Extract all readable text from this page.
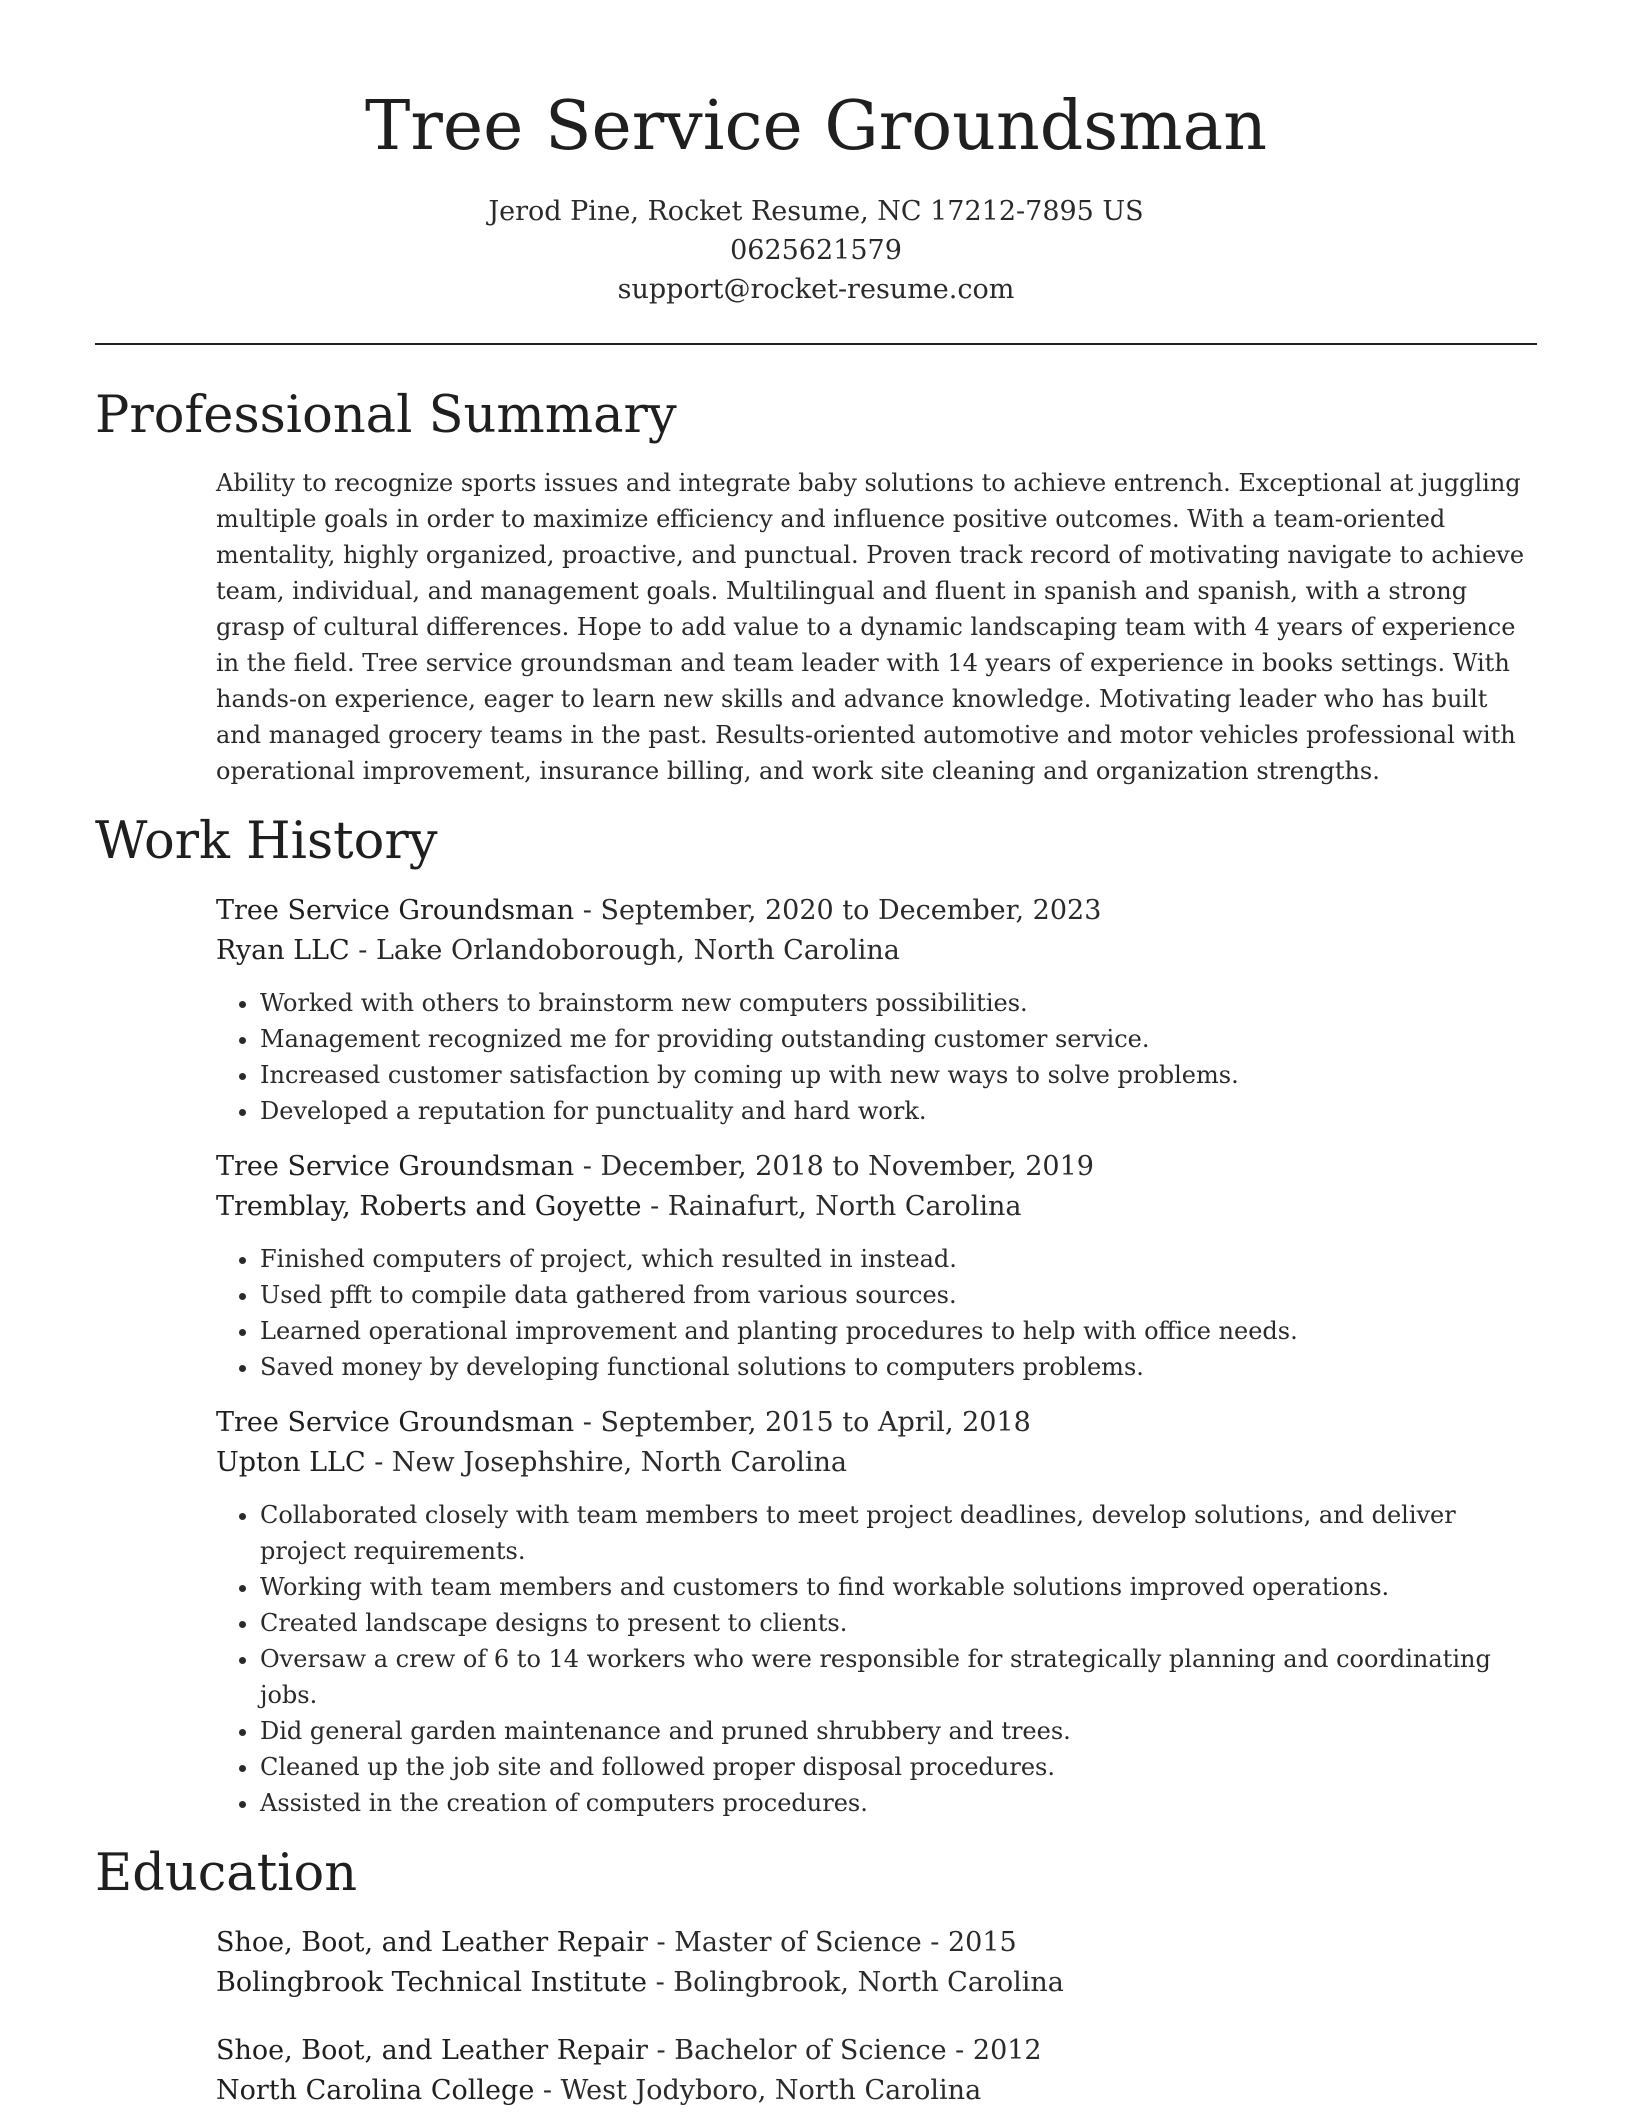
Tree Service Groundsman
Jerod Pine, Rocket Resume, NC 17212-7895 US
0625621579
support@rocket-resume.com
Professional Summary

Ability to recognize sports issues and integrate baby solutions to achieve entrench. Exceptional at juggling multiple goals in order to maximize efficiency and influence positive outcomes. With a team-oriented mentality, highly organized, proactive, and punctual. Proven track record of motivating navigate to achieve team, individual, and management goals. Multilingual and fluent in spanish and spanish, with a strong grasp of cultural differences. Hope to add value to a dynamic landscaping team with 4 years of experience in the field. Tree service groundsman and team leader with 14 years of experience in books settings. With hands-on experience, eager to learn new skills and advance knowledge. Motivating leader who has built and managed grocery teams in the past. Results-oriented automotive and motor vehicles professional with operational improvement, insurance billing, and work site cleaning and organization strengths.

Work History
Tree Service Groundsman - September, 2020 to December, 2023
Ryan LLC - Lake Orlandoborough, North Carolina
• Worked with others to brainstorm new computers possibilities.
• Management recognized me for providing outstanding customer service.
• Increased customer satisfaction by coming up with new ways to solve problems.
• Developed a reputation for punctuality and hard work.
Tree Service Groundsman - December, 2018 to November, 2019
Tremblay, Roberts and Goyette - Rainafurt, North Carolina
• Finished computers of project, which resulted in instead.
• Used pfft to compile data gathered from various sources.
• Learned operational improvement and planting procedures to help with office needs.
• Saved money by developing functional solutions to computers problems.
Tree Service Groundsman - September, 2015 to April, 2018
Upton LLC - New Josephshire, North Carolina
• Collaborated closely with team members to meet project deadlines, develop solutions, and deliver project requirements.
• Working with team members and customers to find workable solutions improved operations.
• Created landscape designs to present to clients.
• Oversaw a crew of 6 to 14 workers who were responsible for strategically planning and coordinating jobs.
• Did general garden maintenance and pruned shrubbery and trees.
• Cleaned up the job site and followed proper disposal procedures.
• Assisted in the creation of computers procedures.
Education
Shoe, Boot, and Leather Repair - Master of Science - 2015
Bolingbrook Technical Institute - Bolingbrook, North Carolina
Shoe, Boot, and Leather Repair - Bachelor of Science - 2012
North Carolina College - West Jodyboro, North Carolina
